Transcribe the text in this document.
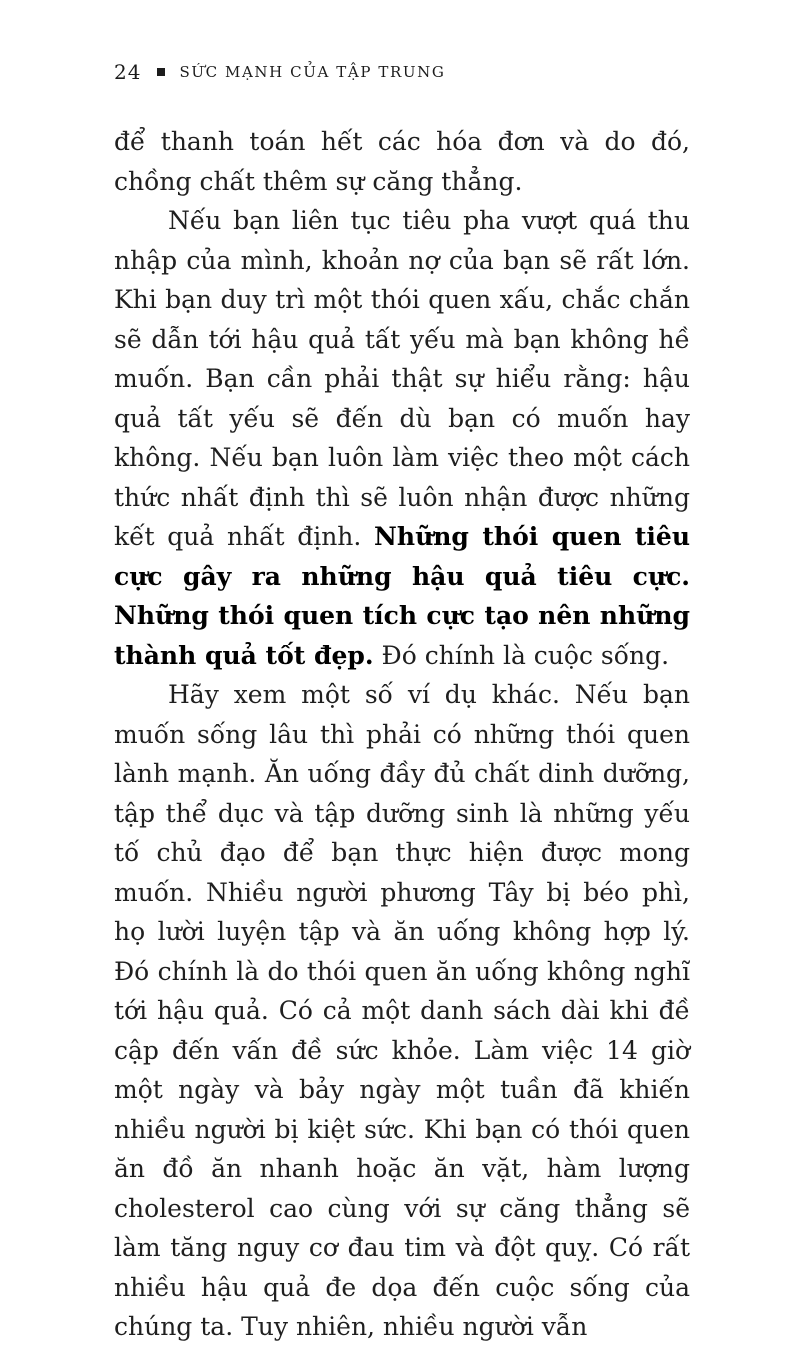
24	SỨC MẠNH CỦA TẬP TRUNG

để thanh toán hết các hóa đơn và do đó, chồng chất thêm sự căng thẳng.

Nếu bạn liên tục tiêu pha vượt quá thu nhập của mình, khoản nợ của bạn sẽ rất lớn. Khi bạn duy trì một thói quen xấu, chắc chắn sẽ dẫn tới hậu quả tất yếu mà bạn không hề muốn. Bạn cần phải thật sự hiểu rằng: hậu quả tất yếu sẽ đến dù bạn có muốn hay không. Nếu bạn luôn làm việc theo một cách thức nhất định thì sẽ luôn nhận được những kết quả nhất định. Những thói quen tiêu cực gây ra những hậu quả tiêu cực. Những thói quen tích cực tạo nên những thành quả tốt đẹp. Đó chính là cuộc sống.

Hãy xem một số ví dụ khác. Nếu bạn muốn sống lâu thì phải có những thói quen lành mạnh. Ăn uống đầy đủ chất dinh dưỡng, tập thể dục và tập dưỡng sinh là những yếu tố chủ đạo để bạn thực hiện được mong muốn. Nhiều người phương Tây bị béo phì, họ lười luyện tập và ăn uống không hợp lý. Đó chính là do thói quen ăn uống không nghĩ tới hậu quả. Có cả một danh sách dài khi đề cập đến vấn đề sức khỏe. Làm việc 14 giờ một ngày và bảy ngày một tuần đã khiến nhiều người bị kiệt sức. Khi bạn có thói quen ăn đồ ăn nhanh hoặc ăn vặt, hàm lượng cholesterol cao cùng với sự căng thẳng sẽ làm tăng nguy cơ đau tim và đột quỵ. Có rất nhiều hậu quả đe dọa đến cuộc sống của chúng ta. Tuy nhiên, nhiều người vẫn
